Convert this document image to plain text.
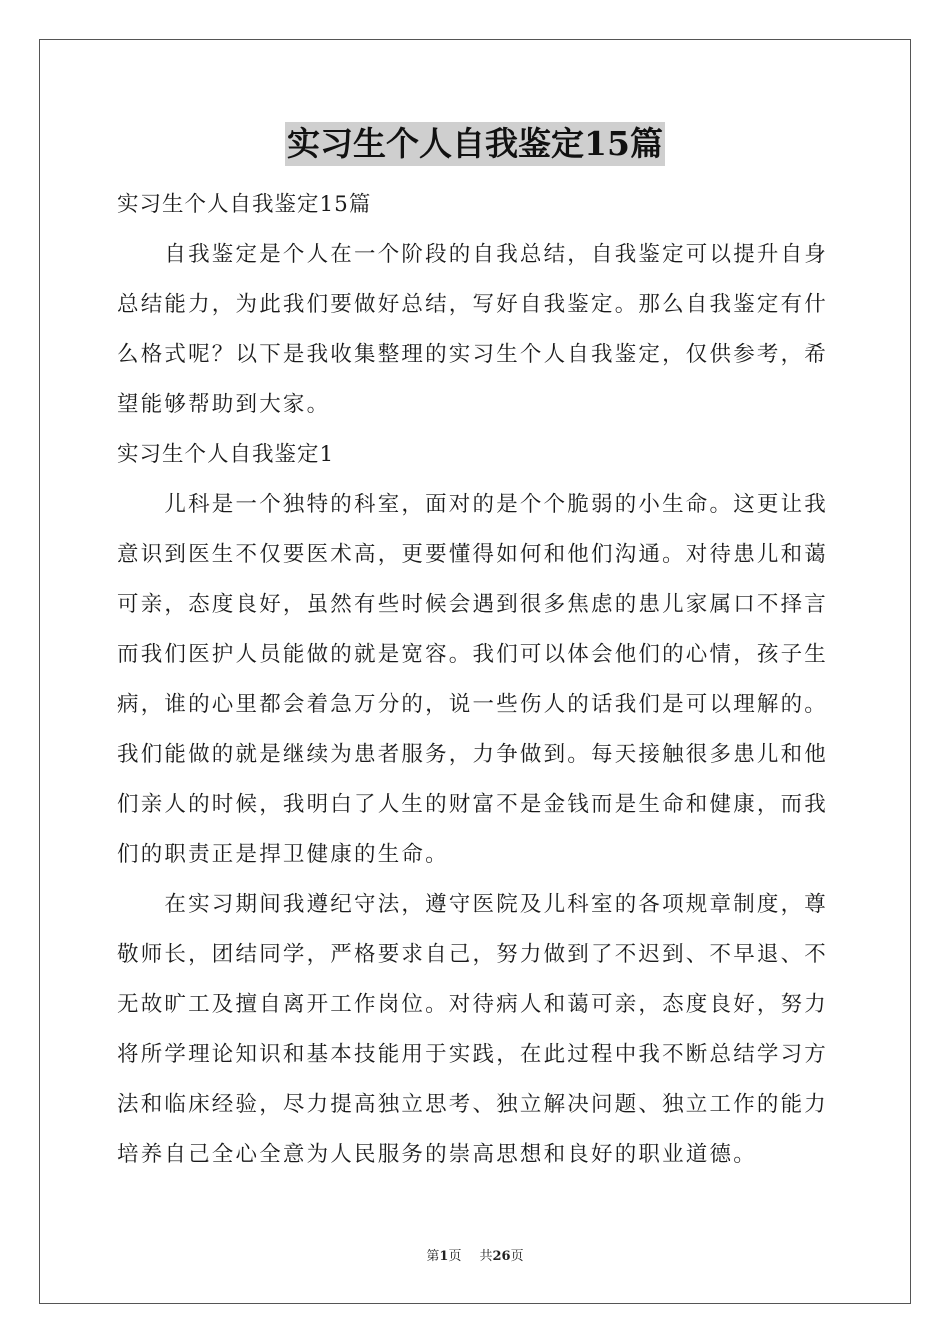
实习生个人自我鉴定15篇
实习生个人自我鉴定15篇
　　自我鉴定是个人在一个阶段的自我总结，自我鉴定可以提升自身
总结能力，为此我们要做好总结，写好自我鉴定。那么自我鉴定有什
么格式呢？以下是我收集整理的实习生个人自我鉴定，仅供参考，希
望能够帮助到大家。
实习生个人自我鉴定1
　　儿科是一个独特的科室，面对的是个个脆弱的小生命。这更让我
意识到医生不仅要医术高，更要懂得如何和他们沟通。对待患儿和蔼
可亲，态度良好，虽然有些时候会遇到很多焦虑的患儿家属口不择言
而我们医护人员能做的就是宽容。我们可以体会他们的心情，孩子生
病，谁的心里都会着急万分的，说一些伤人的话我们是可以理解的。
我们能做的就是继续为患者服务，力争做到。每天接触很多患儿和他
们亲人的时候，我明白了人生的财富不是金钱而是生命和健康，而我
们的职责正是捍卫健康的生命。
　　在实习期间我遵纪守法，遵守医院及儿科室的各项规章制度，尊
敬师长，团结同学，严格要求自己，努力做到了不迟到、不早退、不
无故旷工及擅自离开工作岗位。对待病人和蔼可亲，态度良好，努力
将所学理论知识和基本技能用于实践，在此过程中我不断总结学习方
法和临床经验，尽力提高独立思考、独立解决问题、独立工作的能力
培养自己全心全意为人民服务的崇高思想和良好的职业道德。
第1页 共26页
